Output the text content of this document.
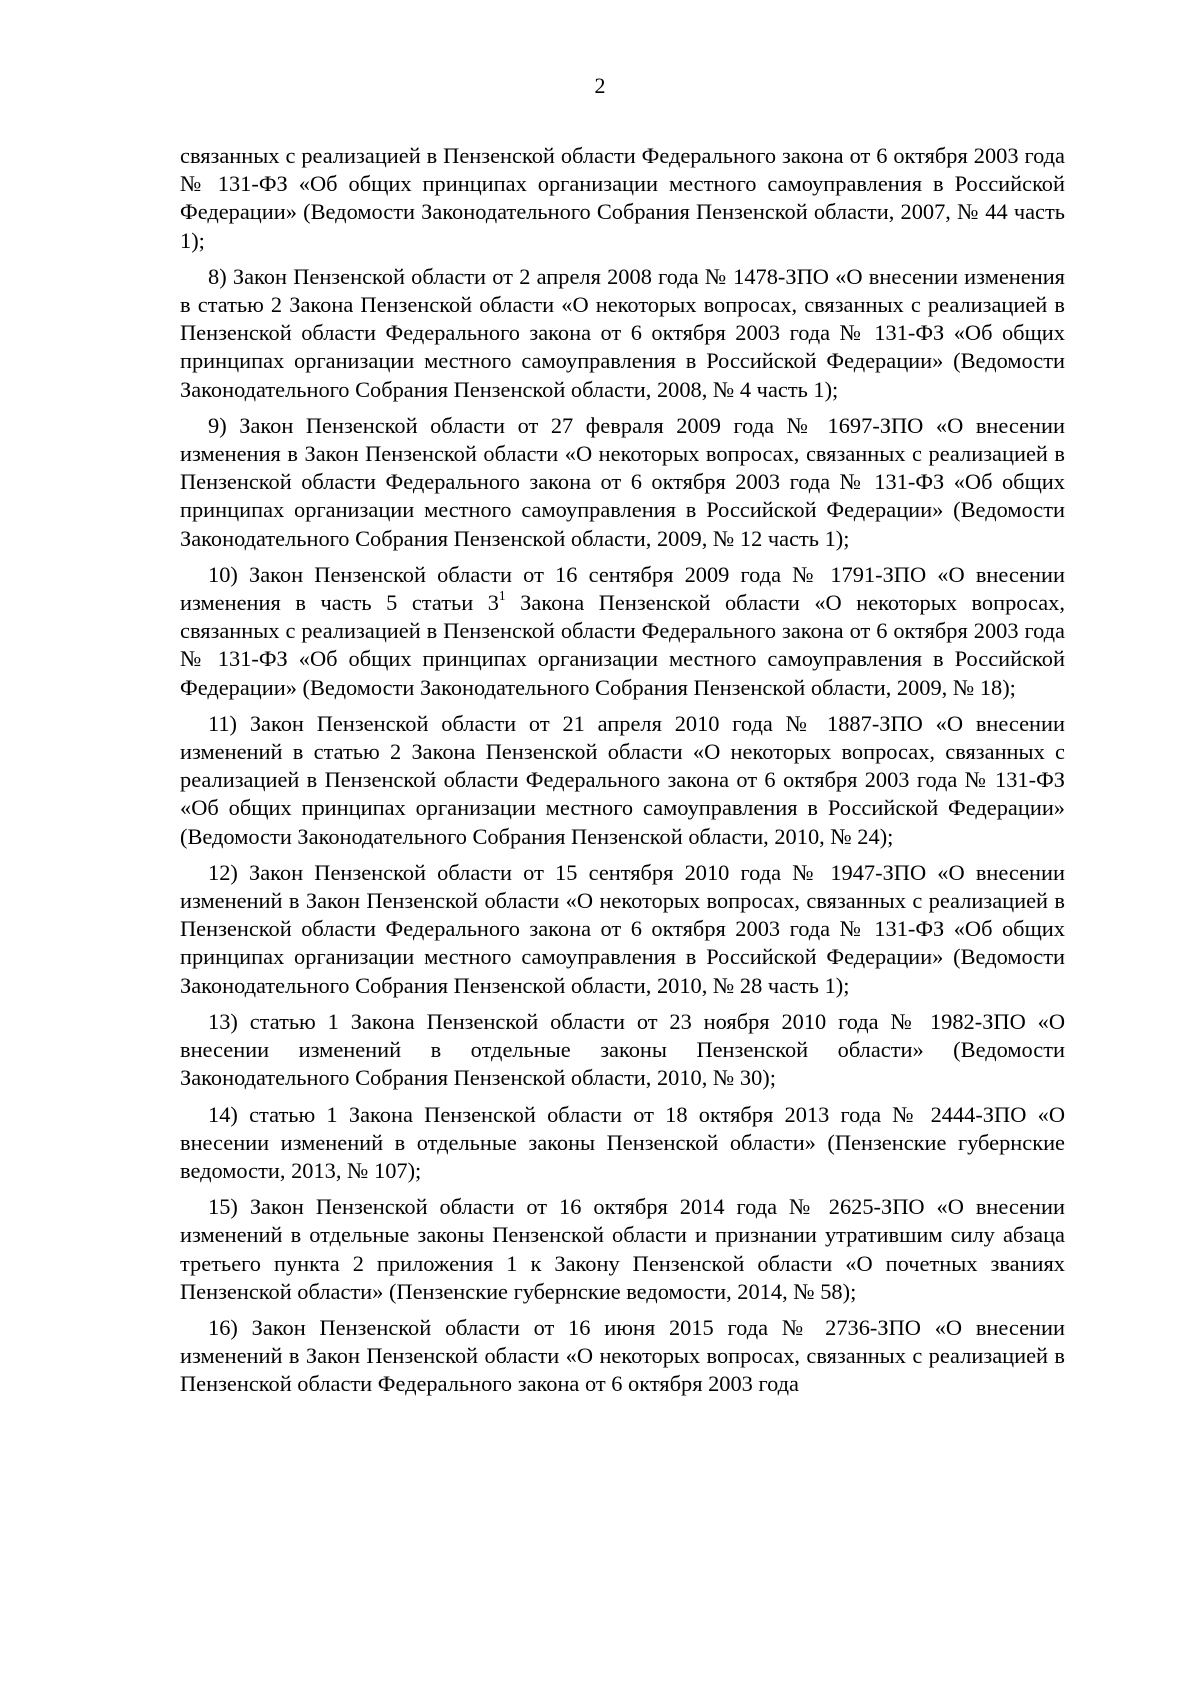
2

связанных с реализацией в Пензенской области Федерального закона от 6 октября 2003 года № 131-ФЗ «Об общих принципах организации местного самоуправления в Российской Федерации» (Ведомости Законодательного Собрания Пензенской области, 2007, № 44 часть 1);

8) Закон Пензенской области от 2 апреля 2008 года № 1478-ЗПО «О внесении изменения в статью 2 Закона Пензенской области «О некоторых вопросах, связанных с реализацией в Пензенской области Федерального закона от 6 октября 2003 года № 131-ФЗ «Об общих принципах организации местного самоуправления в Российской Федерации» (Ведомости Законодательного Собрания Пензенской области, 2008, № 4 часть 1);

9) Закон Пензенской области от 27 февраля 2009 года № 1697-ЗПО «О внесении изменения в Закон Пензенской области «О некоторых вопросах, связанных с реализацией в Пензенской области Федерального закона от 6 октября 2003 года № 131-ФЗ «Об общих принципах организации местного самоуправления в Российской Федерации» (Ведомости Законодательного Собрания Пензенской области, 2009, № 12 часть 1);

10) Закон Пензенской области от 16 сентября 2009 года № 1791-ЗПО «О внесении изменения в часть 5 статьи $3^1$ Закона Пензенской области «О некоторых вопросах, связанных с реализацией в Пензенской области Федерального закона от 6 октября 2003 года № 131-ФЗ «Об общих принципах организации местного самоуправления в Российской Федерации» (Ведомости Законодательного Собрания Пензенской области, 2009, № 18);

11) Закон Пензенской области от 21 апреля 2010 года № 1887-ЗПО «О внесении изменений в статью 2 Закона Пензенской области «О некоторых вопросах, связанных с реализацией в Пензенской области Федерального закона от 6 октября 2003 года № 131-ФЗ «Об общих принципах организации местного самоуправления в Российской Федерации» (Ведомости Законодательного Собрания Пензенской области, 2010, № 24);

12) Закон Пензенской области от 15 сентября 2010 года № 1947-ЗПО «О внесении изменений в Закон Пензенской области «О некоторых вопросах, связанных с реализацией в Пензенской области Федерального закона от 6 октября 2003 года № 131-ФЗ «Об общих принципах организации местного самоуправления в Российской Федерации» (Ведомости Законодательного Собрания Пензенской области, 2010, № 28 часть 1);

13) статью 1 Закона Пензенской области от 23 ноября 2010 года № 1982-ЗПО «О внесении изменений в отдельные законы Пензенской области» (Ведомости Законодательного Собрания Пензенской области, 2010, № 30);

14) статью 1 Закона Пензенской области от 18 октября 2013 года № 2444-ЗПО «О внесении изменений в отдельные законы Пензенской области» (Пензенские губернские ведомости, 2013, № 107);

15) Закон Пензенской области от 16 октября 2014 года № 2625-ЗПО «О внесении изменений в отдельные законы Пензенской области и признании утратившим силу абзаца третьего пункта 2 приложения 1 к Закону Пензенской области «О почетных званиях Пензенской области» (Пензенские губернские ведомости, 2014, № 58);

16) Закон Пензенской области от 16 июня 2015 года № 2736-ЗПО «О внесении изменений в Закон Пензенской области «О некоторых вопросах, связанных с реализацией в Пензенской области Федерального закона от 6 октября 2003 года
